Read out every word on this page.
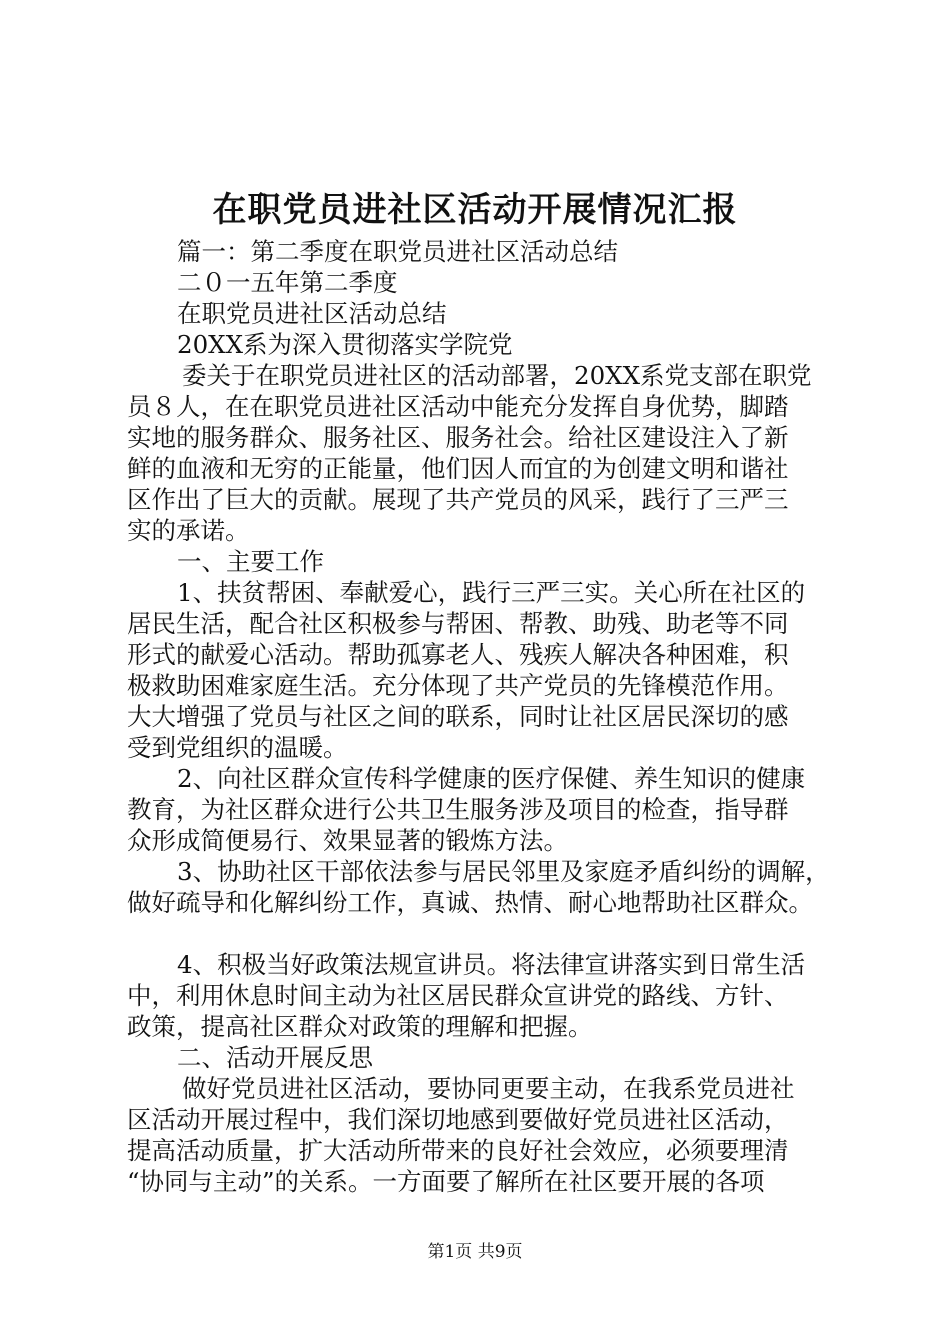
在职党员进社区活动开展情况汇报
篇一：第二季度在职党员进社区活动总结
二０一五年第二季度
在职党员进社区活动总结
20XX系为深入贯彻落实学院党
委关于在职党员进社区的活动部署，20XX系党支部在职党
员８人，在在职党员进社区活动中能充分发挥自身优势，脚踏
实地的服务群众、服务社区、服务社会。给社区建设注入了新
鲜的血液和无穷的正能量，他们因人而宜的为创建文明和谐社
区作出了巨大的贡献。展现了共产党员的风采，践行了三严三
实的承诺。
一、主要工作
1、扶贫帮困、奉献爱心，践行三严三实。关心所在社区的
居民生活，配合社区积极参与帮困、帮教、助残、助老等不同
形式的献爱心活动。帮助孤寡老人、残疾人解决各种困难，积
极救助困难家庭生活。充分体现了共产党员的先锋模范作用。
大大增强了党员与社区之间的联系，同时让社区居民深切的感
受到党组织的温暖。
2、向社区群众宣传科学健康的医疗保健、养生知识的健康
教育，为社区群众进行公共卫生服务涉及项目的检查，指导群
众形成简便易行、效果显著的锻炼方法。
3、协助社区干部依法参与居民邻里及家庭矛盾纠纷的调解，
做好疏导和化解纠纷工作，真诚、热情、耐心地帮助社区群众。
4、积极当好政策法规宣讲员。将法律宣讲落实到日常生活
中，利用休息时间主动为社区居民群众宣讲党的路线、方针、
政策，提高社区群众对政策的理解和把握。
二、活动开展反思
做好党员进社区活动，要协同更要主动，在我系党员进社
区活动开展过程中，我们深切地感到要做好党员进社区活动，
提高活动质量，扩大活动所带来的良好社会效应，必须要理清
“协同与主动”的关系。一方面要了解所在社区要开展的各项
第1页 共9页
